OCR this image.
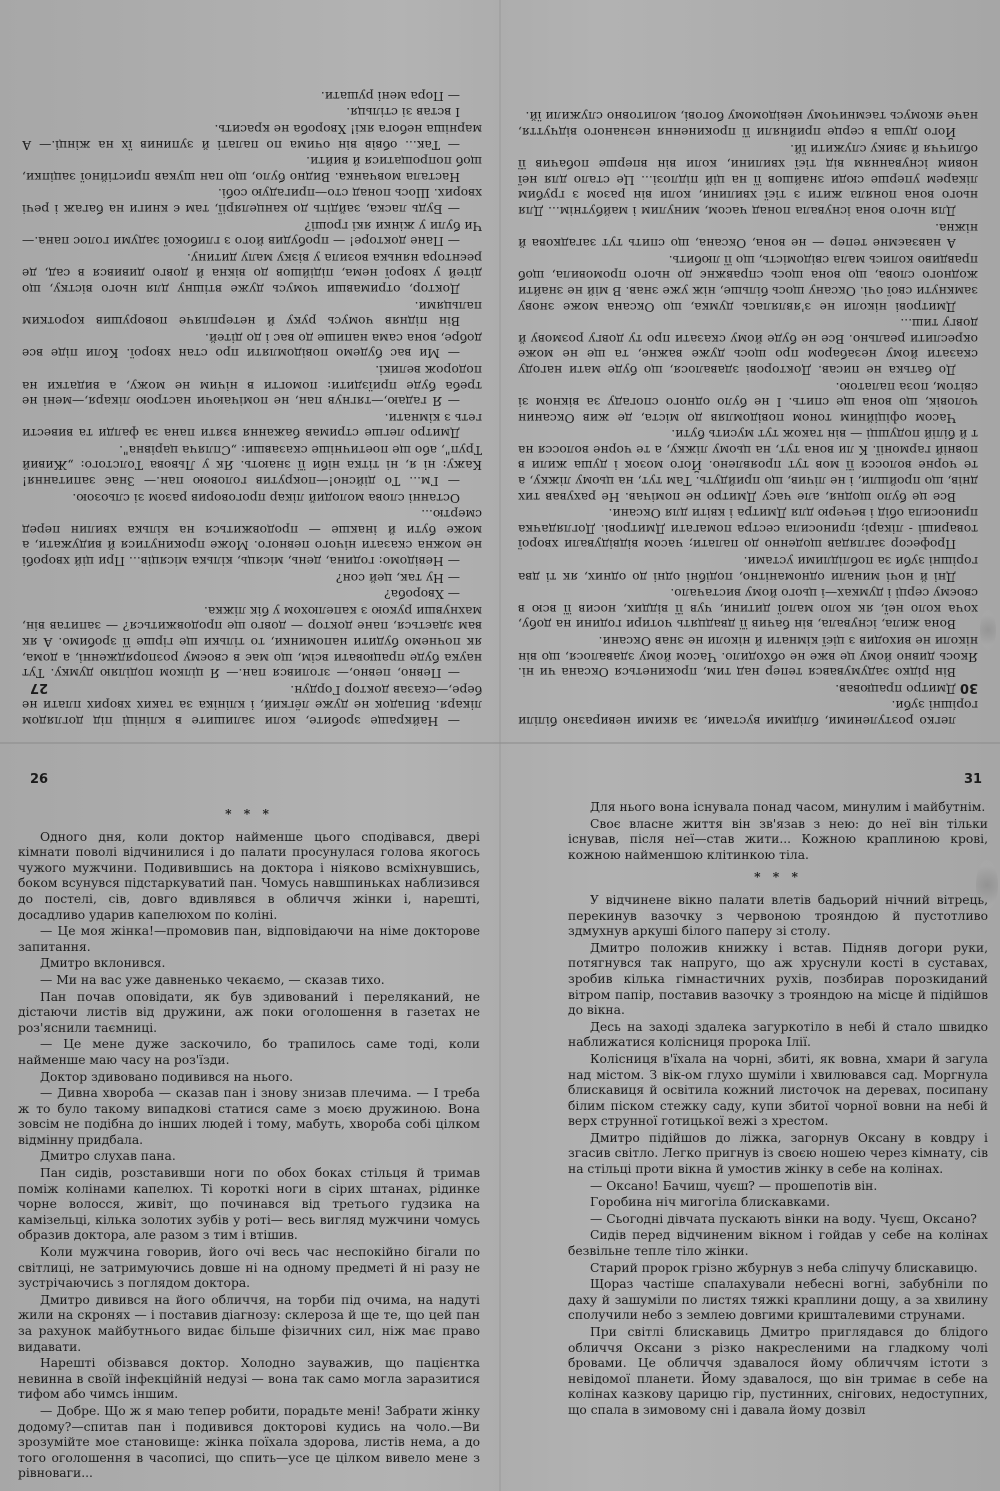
27	30
26	31

— Найкраще зробите, коли залишите в клініці під доглядом лікаря. Випадок не дуже лёгкий, і клініка за таких хворих плати не бере,—сказав доктор Гордун.

— Певно, певно,— зголився пан.— Я цілком поділяю думку. Тут наука буде працювати всім, що має в своєму розпорядженні, а дома, як почнемо будити напоминки, то тільки ще гірше її зробимо. А як вам здається, пане доктор — довго ще продовжиться? — запитав він, махнувши рукою з капелюхом у бік ліжка.

— Хвороба?

— Ну так, цей сон?

— Невідомо: година, день, місяць, кілька місяців... При цій хворобі не можна сказати нічого певного. Може прокинутися й видужати, а може бути й інакше — продовжиться на кілька хвилин перед смертю...

Останні слова молодий лікар проговорив разом зі сльозою.

— Гм... То дійсно!—покрутив головою пан.— Знає запитання! Кажу: ні я, ні тітка ніби її знають. Як у Львова Толстого: „Живий Труп", або ще поетичніше сказавши: „Спляча царівна".

Дмитро легше стримав бажання взяти пана за фалди та вивести геть з кімнати.

— Я гадаю,—тягнув пан, не помічаючи настрою лікаря,—мені не треба буде приїздити: помогти в нічим не можу, а видатки на подорож великі.

— Ми вас будемо повідомляти про стан хворої. Коли піде все добре, вона сама напише до вас і до дітей.

Він підняв чомусь руку й нетерпляче поворушив коротким пальцями.

Доктор, отримавши чомусь дуже втішну для нього вістку, що дітей у хворої нема, підійшов до вікна й довго дивився в сад, де реєнтора нянька возила у візку малу дитину.

— Пане докторе! — пробудив його з глибокої задуми голос пана.— Чи були у жінки які гроші?

— Будь ласка, зайдіть до канцелярії, там є книги на багаж і речі хворих. Шось понад сто—пригадую собі.

Настала мовчанка. Видно було, що пан шукав пристійної заціпки, щоб попрощатися й вийти.

— Так... обвів він очима по палаті й зупинив їх на жінці.— А марніша небога які! Хвороба не красить.

І встав зі стільця.

— Пора мені рушати.

легко розтуленими, блідими вустами, за якими невиразно біліли горішні зуби.

Дмитро працював.

Він рідко задумувався тепер над тим, прокинеться Оксана чи ні. Якось дивно йому це вже не обходило. Часом йому здавалося, що він ніколи не виходив з цієї кімнати й ніколи не знав Оксани.

Вона жила, існувала, він бачив її двадцять чотири години на добу, хоча коло неї, як коло малої дитини, чув її віддих, носив її всю в своєму серці і думках—і цього йому вистачало.

Дні й ночі минали одноманітно, подібні одні до одних, як ті два горішні зуби за поблідлими устами.

Професор заглядав щоденно до палати; часом відвідували хворої товариші - лікарі; приносила сестра помагати Дмитрові. Доглядачка приносила обід і вечерю для Дмитра і квіти для Оксани.

Все це було щодня, але часу Дмитро не помічав. Не рахував тих днів, що пройшли, і не лічив, що прийдуть. Там тут, на цьому ліжку, а те чорне волосся її мов тут проявлено. Його мозок і душа жили в повній гармонії. К ли вона тут, на цьому ліжку, а те чорне волосся на т й білій подушці — він також тут мусить бути.

Часом офіційним тоном повідомляв до міста, де жив Оксанин чоловік, що вона ще спить. І не було одного спогаду за вікном зі світом, поза палатою.

До батька не писав. Докторові здавалося, що буде мати нагоду сказати йому незабаром про щось дуже важне, та ще не може окреслити реально. Все не буде йому сказати про ту довгу розмову й довгу тиш...

Дмитрові ніколи не з'являлась думка, що Оксана може знову замкнути свої очі. Оксану щось більше, ніж уже знав. В мій не знайти жодного слова, що вона щось справжнє до нього промовила, щоб правдиво колись мала свідомість, що її любить.

А навзаємне тепер — не вона, Оксана, що спить тут загадкова й ніжна.

Для нього вона існувала понад часом, минулим і майбутнім... Для нього вона поняла жити з тієї хвилини, коли він разом з грубим лікарем уперше сюди знайшов її на цій підлозі... Це стало для неї новим існуванням від тієї хвилини, коли він вперше побачив її обличчя й звику служити їй.

Його душа в серце прийняли її прокинення незнаного відчуття, наче якомусь таємничому невідомому богові, молитовно служили їй.

* * *

Одного дня, коли доктор найменше цього сподівався, двері кімнати поволі відчинилися і до палати просунулася голова якогось чужого мужчини. Подивившись на доктора і ніяково всміхнувшись, боком всунувся підстаркуватий пан. Чомусь навшпиньках наблизився до постелі, сів, довго вдивлявся в обличчя жінки і, нарешті, досадливо ударив капелюхом по коліні.

— Це моя жінка!—промовив пан, відповідаючи на німе докторове запитання.

Дмитро вклонився.

— Ми на вас уже давненько чекаємо, — сказав тихо.

Пан почав оповідати, як був здивований і переляканий, не дістаючи листів від дружини, аж поки оголошення в газетах не роз'яснили таємниці.

— Це мене дуже заскочило, бо трапилось саме тоді, коли найменше маю часу на роз'їзди.

Доктор здивовано подивився на нього.

— Дивна хвороба — сказав пан і знову знизав плечима. — І треба ж то було такому випадкові статися саме з моєю дружиною. Вона зовсім не подібна до інших людей і тому, мабуть, хвороба собі цілком відмінну придбала.

Дмитро слухав пана.

Пан сидів, розставивши ноги по обох боках стільця й тримав поміж колінами капелюх. Ті короткі ноги в сірих штанах, рідинке чорне волосся, живіт, що починався від третього гудзика на камізельці, кілька золотих зубів у роті— весь вигляд мужчини чомусь образив доктора, але разом з тим і втішив.

Коли мужчина говорив, його очі весь час неспокійно бігали по світлиці, не затримуючись довше ні на одному предметі й ні разу не зустрічаючись з поглядом доктора.

Дмитро дивився на його обличчя, на торби під очима, на надуті жили на скронях — і поставив діагнозу: склероза й ще те, що цей пан за рахунок майбутнього видає більше фізичних сил, ніж має право видавати.

Нарешті обізвався доктор. Холодно зауважив, що пацієнтка невинна в своїй інфекційній недузі — вона так само могла заразитися тифом або чимсь іншим.

— Добре. Що ж я маю тепер робити, порадьте мені! Забрати жінку додому?—спитав пан і подивився докторові кудись на чоло.—Ви зрозумійте мое становище: жінка поїхала здорова, листів нема, а до того оголошення в часописі, що спить—усе це цілком вивело мене з рівноваги...

Для нього вона існувала понад часом, минулим і майбутнім.

Своє власне життя він зв'язав з нею: до неї він тільки існував, після неї—став жити... Кожною краплиною крові, кожною найменшою клітинкою тіла.

* * *

У відчинене вікно палати влетів бадьорий нічний вітрець, перекинув вазочку з червоною трояндою й пустотливо здмухнув аркуші білого паперу зі столу.

Дмитро положив книжку і встав. Підняв догори руки, потягнувся так напруго, що аж хруснули кості в суставах, зробив кілька гімнастичних рухів, позбирав порозкиданий вітром папір, поставив вазочку з трояндою на місце й підійшов до вікна.

Десь на заході здалека загуркотіло в небі й стало швидко наближатися колісниця пророка Ілії.

Колісниця в'їхала на чорні, збиті, як вовна, хмари й загула над містом. З вік-ом глухо шуміли і хвилювався сад. Моргнула блискавиця й освітила кожний листочок на деревах, посипану білим піском стежку саду, купи збитої чорної вовни на небі й верх струнної готицької вежі з хрестом.

Дмитро підійшов до ліжка, загорнув Оксану в ковдру і згасив світло. Легко пригнув із своєю ношею через кімнату, сів на стільці проти вікна й умостив жінку в себе на колінах.

— Оксано! Бачиш, чуєш? — прошепотів він.

Горобина ніч мигогіла блискавками.

— Сьогодні дівчата пускають вінки на воду. Чуєш, Оксано?

Сидів перед відчиненим вікном і гойдав у себе на колінах безвільне тепле тіло жінки.

Старий пророк грізно жбурнув з неба сліпучу блискавицю.

Щораз частіше спалахували небесні вогні, забубніли по даху й зашуміли по листях тяжкі краплини дощу, а за хвилину сполучили небо з землею довгими кришталевими струнами.

При світлі блискавиць Дмитро приглядався до блідого обличчя Оксани з різко накресленими на гладкому чолі бровами. Це обличчя здавалося йому обличчям істоти з невідомої планети. Йому здавалося, що він тримає в себе на колінах казкову царицю гір, пустинних, снігових, недоступних, що спала в зимовому сні і давала йому дозвіл
